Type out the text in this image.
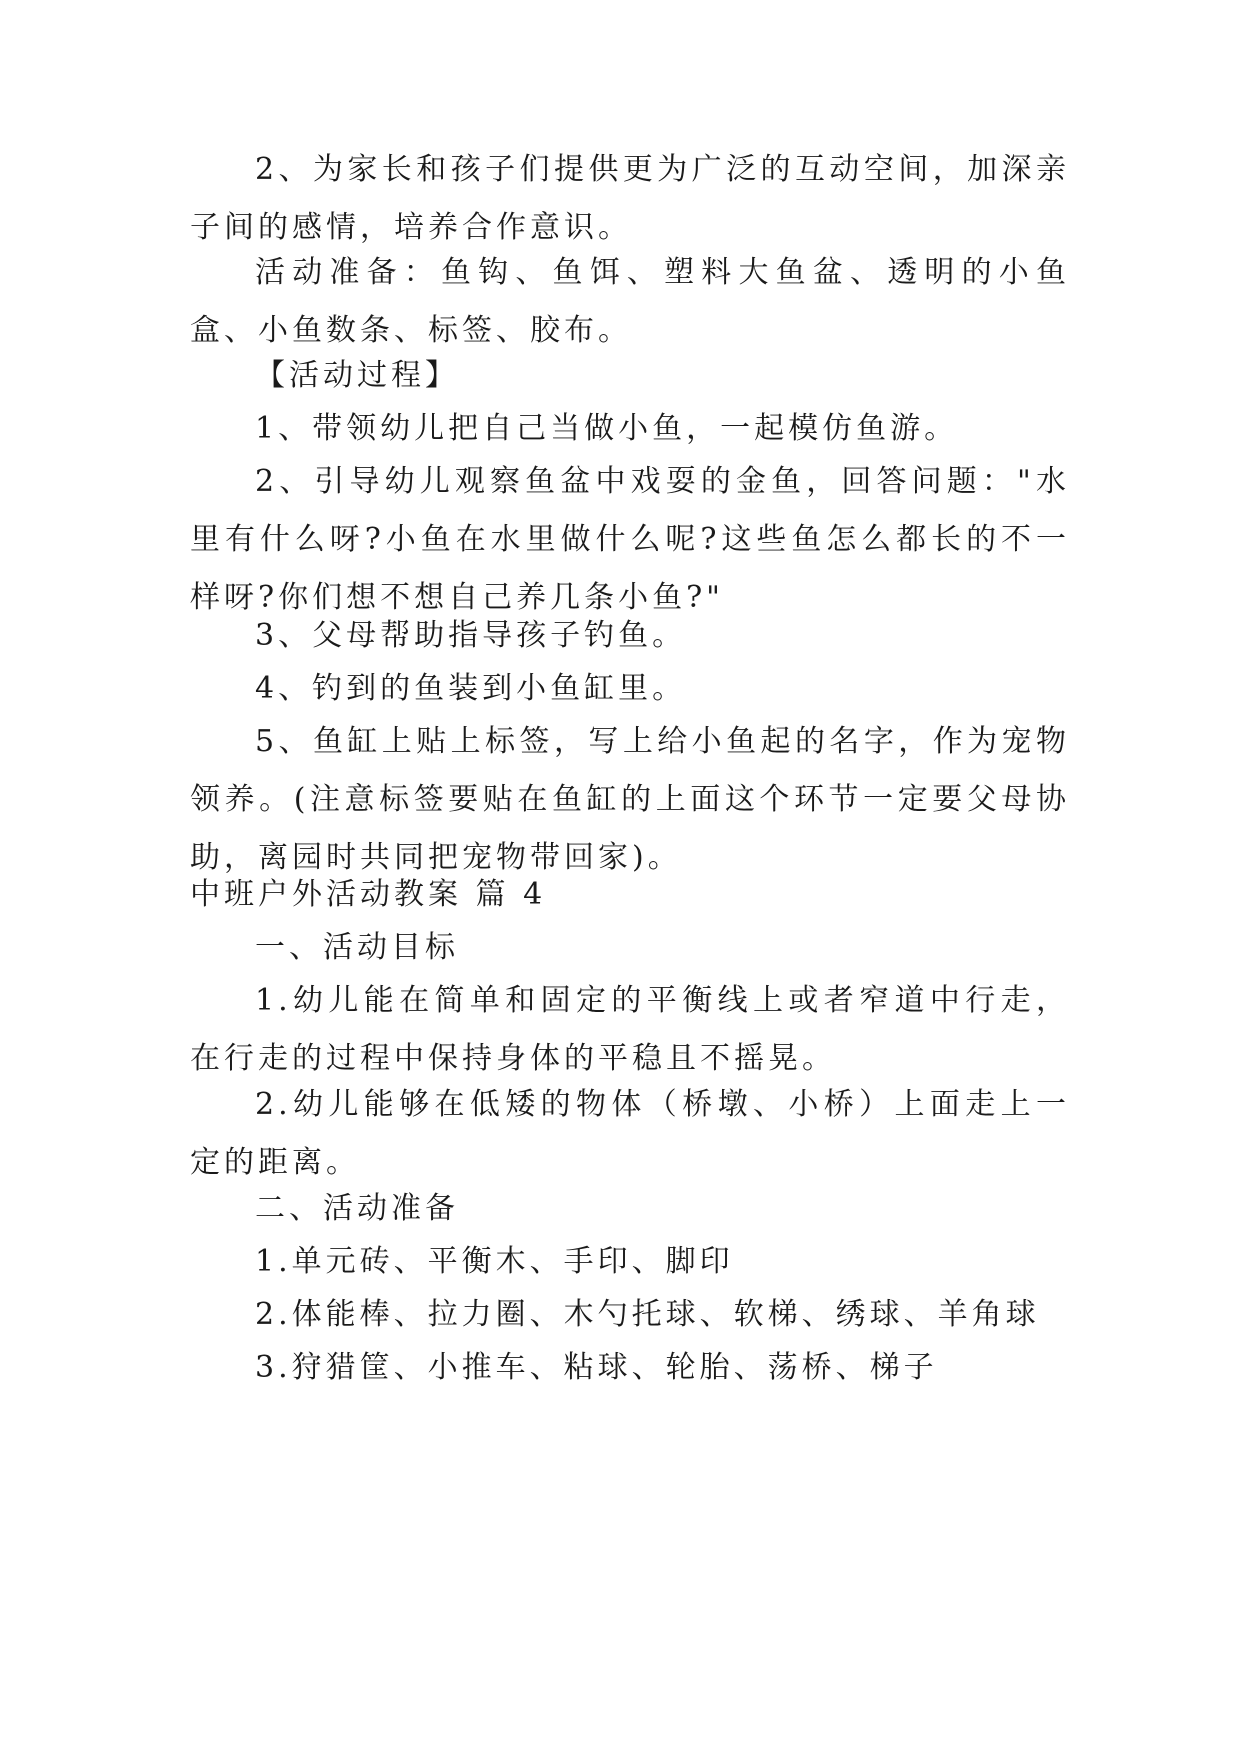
2、为家长和孩子们提供更为广泛的互动空间，加深亲子间的感情，培养合作意识。

活动准备：鱼钩、鱼饵、塑料大鱼盆、透明的小鱼盒、小鱼数条、标签、胶布。

【活动过程】

1、带领幼儿把自己当做小鱼，一起模仿鱼游。

2、引导幼儿观察鱼盆中戏耍的金鱼，回答问题："水里有什么呀?小鱼在水里做什么呢?这些鱼怎么都长的不一样呀?你们想不想自己养几条小鱼?"

3、父母帮助指导孩子钓鱼。

4、钓到的鱼装到小鱼缸里。

5、鱼缸上贴上标签，写上给小鱼起的名字，作为宠物领养。(注意标签要贴在鱼缸的上面这个环节一定要父母协助，离园时共同把宠物带回家)。

中班户外活动教案 篇 4

一、活动目标

1.幼儿能在简单和固定的平衡线上或者窄道中行走，在行走的过程中保持身体的平稳且不摇晃。

2.幼儿能够在低矮的物体（桥墩、小桥）上面走上一定的距离。

二、活动准备

1.单元砖、平衡木、手印、脚印

2.体能棒、拉力圈、木勺托球、软梯、绣球、羊角球

3.狩猎筐、小推车、粘球、轮胎、荡桥、梯子
